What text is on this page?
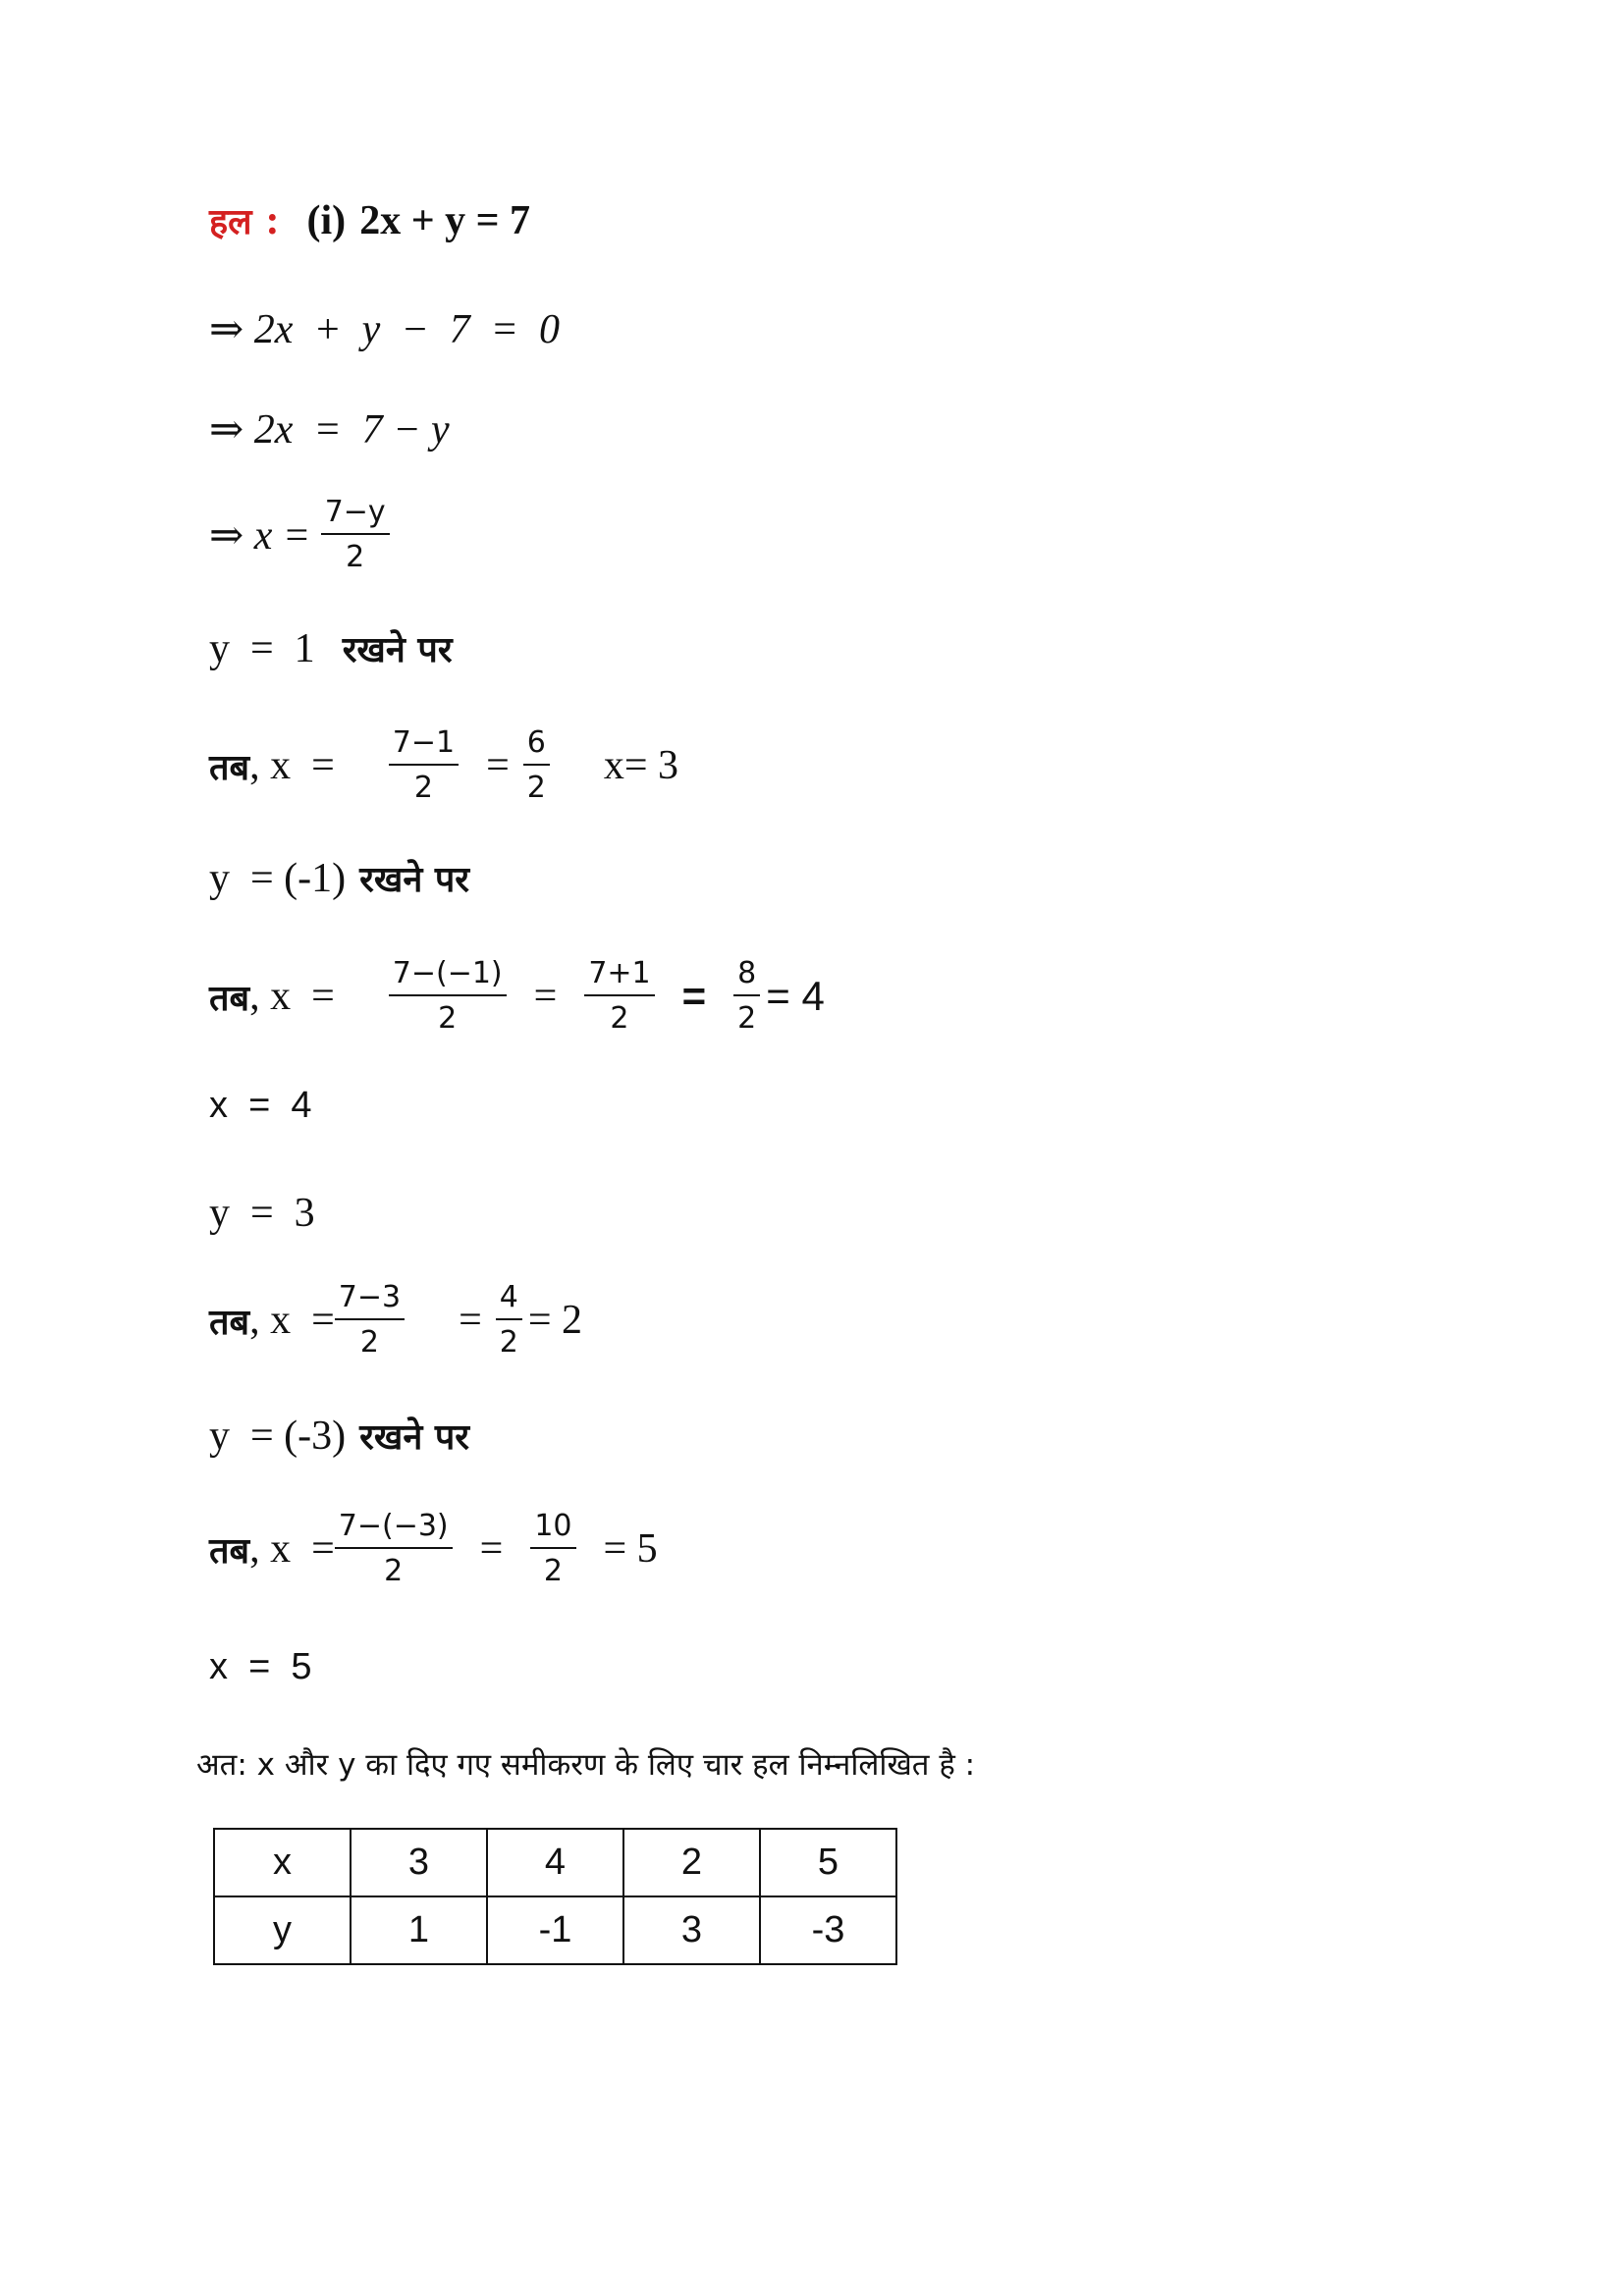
हल : (i) 2x + y = 7
⇒ 2x  +  y  −  7  =  0
⇒ 2x  =  7 − y
⇒ $x = \frac{7-y}{2}$
y  =  1 रखने पर
तब , $x = \frac{7-1}{2} = \frac{6}{2} x= 3$
y  = (-1) रखने पर
तब , $x = \frac{7-(-1)}{2} = \frac{7+1}{2} = \frac{8}{2} = 4$
x  =  4
y  =  3
तब , $x = \frac{7-3}{2} = \frac{4}{2} = 2$
y  = (-3) रखने पर
तब , $x = \frac{7-(-3)}{2} = \frac{10}{2} = 5$
x  =  5
अत: x और y का दिए गए समीकरण के लिए चार हल निम्नलिखित है :
x	3	4	2	5
y	1	-1	3	-3
